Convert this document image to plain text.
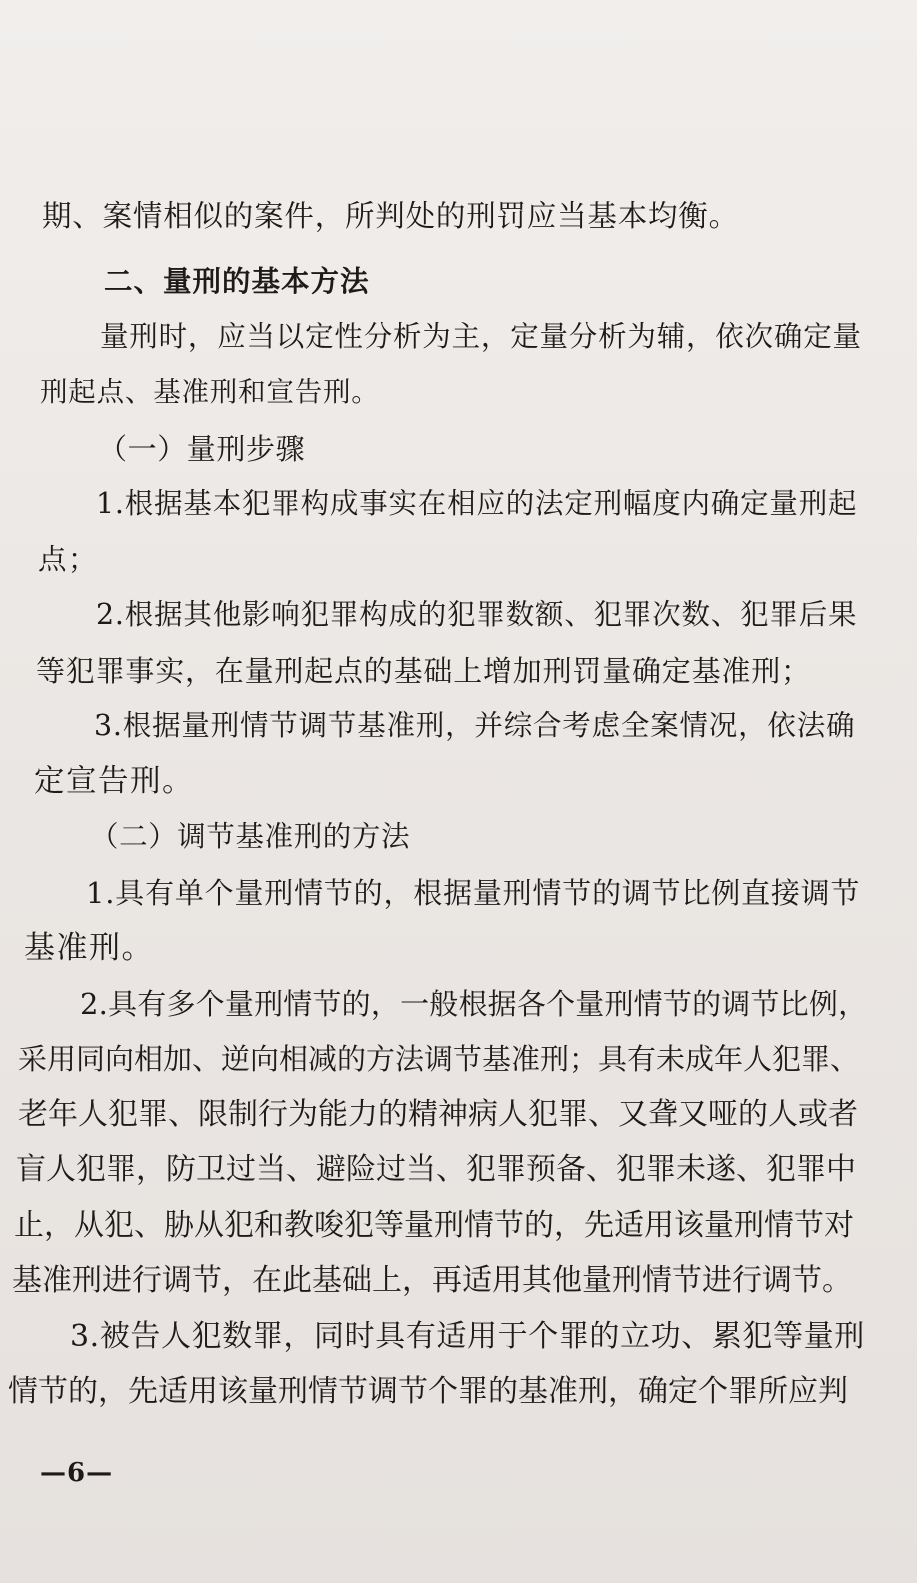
期、案情相似的案件，所判处的刑罚应当基本均衡。

二、量刑的基本方法

量刑时，应当以定性分析为主，定量分析为辅，依次确定量

刑起点、基准刑和宣告刑。

（一）量刑步骤

1.根据基本犯罪构成事实在相应的法定刑幅度内确定量刑起

点；

2.根据其他影响犯罪构成的犯罪数额、犯罪次数、犯罪后果

等犯罪事实，在量刑起点的基础上增加刑罚量确定基准刑；

3.根据量刑情节调节基准刑，并综合考虑全案情况，依法确

定宣告刑。

（二）调节基准刑的方法

1.具有单个量刑情节的，根据量刑情节的调节比例直接调节

基准刑。

2.具有多个量刑情节的，一般根据各个量刑情节的调节比例，

采用同向相加、逆向相减的方法调节基准刑；具有未成年人犯罪、

老年人犯罪、限制行为能力的精神病人犯罪、又聋又哑的人或者

盲人犯罪，防卫过当、避险过当、犯罪预备、犯罪未遂、犯罪中

止，从犯、胁从犯和教唆犯等量刑情节的，先适用该量刑情节对

基准刑进行调节，在此基础上，再适用其他量刑情节进行调节。

3.被告人犯数罪，同时具有适用于个罪的立功、累犯等量刑

情节的，先适用该量刑情节调节个罪的基准刑，确定个罪所应判

—6—
